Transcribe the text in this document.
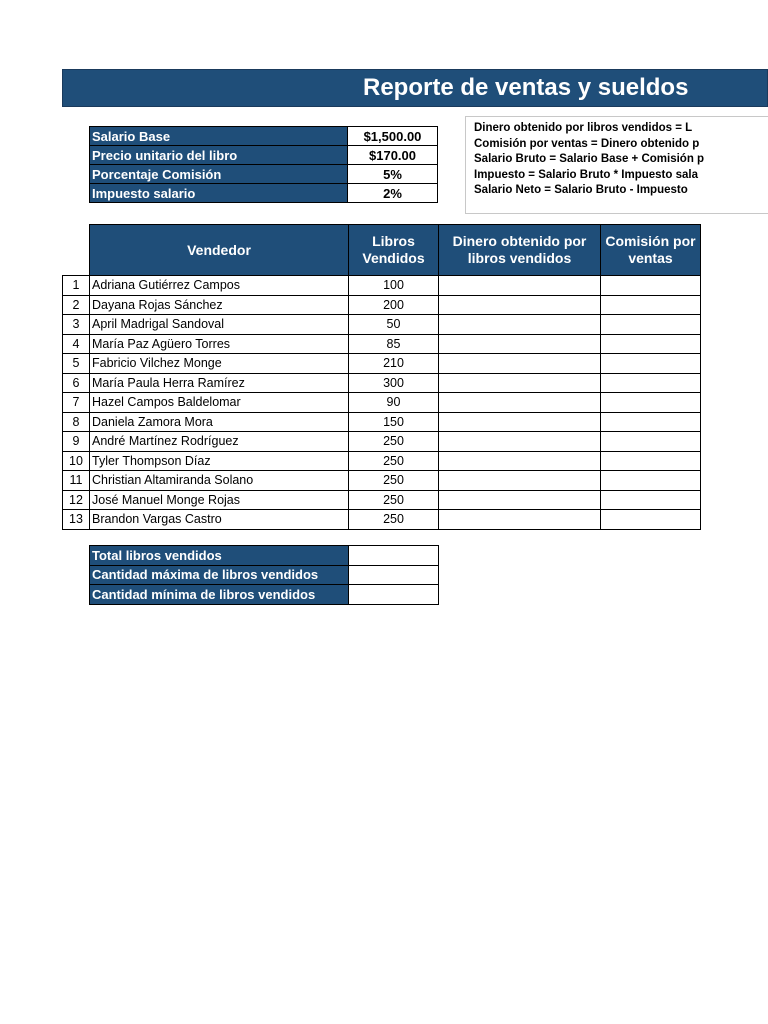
Reporte de ventas y sueldos
Salario Base	$1,500.00
Precio unitario del libro	$170.00
Porcentaje Comisión	5%
Impuesto salario	2%
Dinero obtenido por libros vendidos = L
Comisión por ventas = Dinero obtenido p
Salario Bruto = Salario Base + Comisión p
Impuesto = Salario Bruto * Impuesto sala
Salario Neto = Salario Bruto - Impuesto
	Vendedor	Libros Vendidos	Dinero obtenido por libros vendidos	Comisión por ventas
1	Adriana Gutiérrez Campos	100		
2	Dayana Rojas Sánchez	200		
3	April Madrigal Sandoval	50		
4	María Paz Agüero Torres	85		
5	Fabricio Vilchez Monge	210		
6	María Paula Herra Ramírez	300		
7	Hazel Campos Baldelomar	90		
8	Daniela Zamora Mora	150		
9	André Martínez Rodríguez	250		
10	Tyler Thompson Díaz	250		
11	Christian Altamiranda Solano	250		
12	José Manuel Monge Rojas	250		
13	Brandon Vargas Castro	250		
Total libros vendidos	
Cantidad máxima de libros vendidos	
Cantidad mínima de libros vendidos	
